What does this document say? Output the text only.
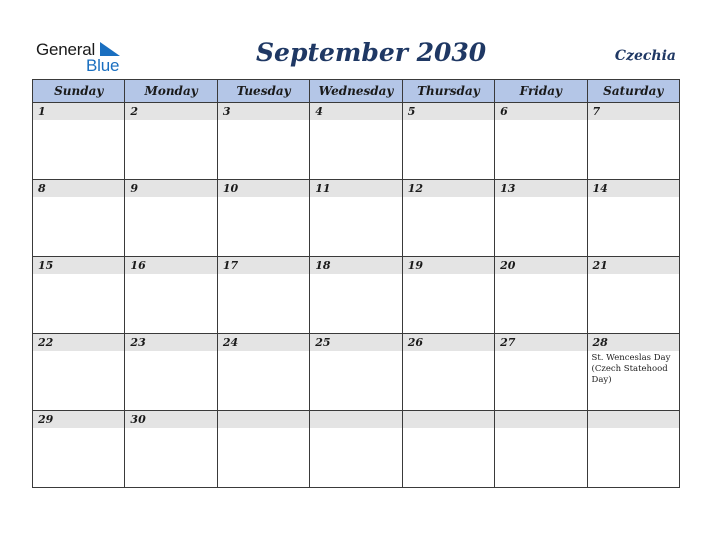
General
Blue	September 2030	Czechia
Sunday	Monday	Tuesday	Wednesday	Thursday	Friday	Saturday

1	2	3	4	5	6	7

8	9	10	11	12	13	14

15	16	17	18	19	20	21

22	23	24	25	26	27	28
St. Wenceslas Day (Czech Statehood Day)

29	30					
